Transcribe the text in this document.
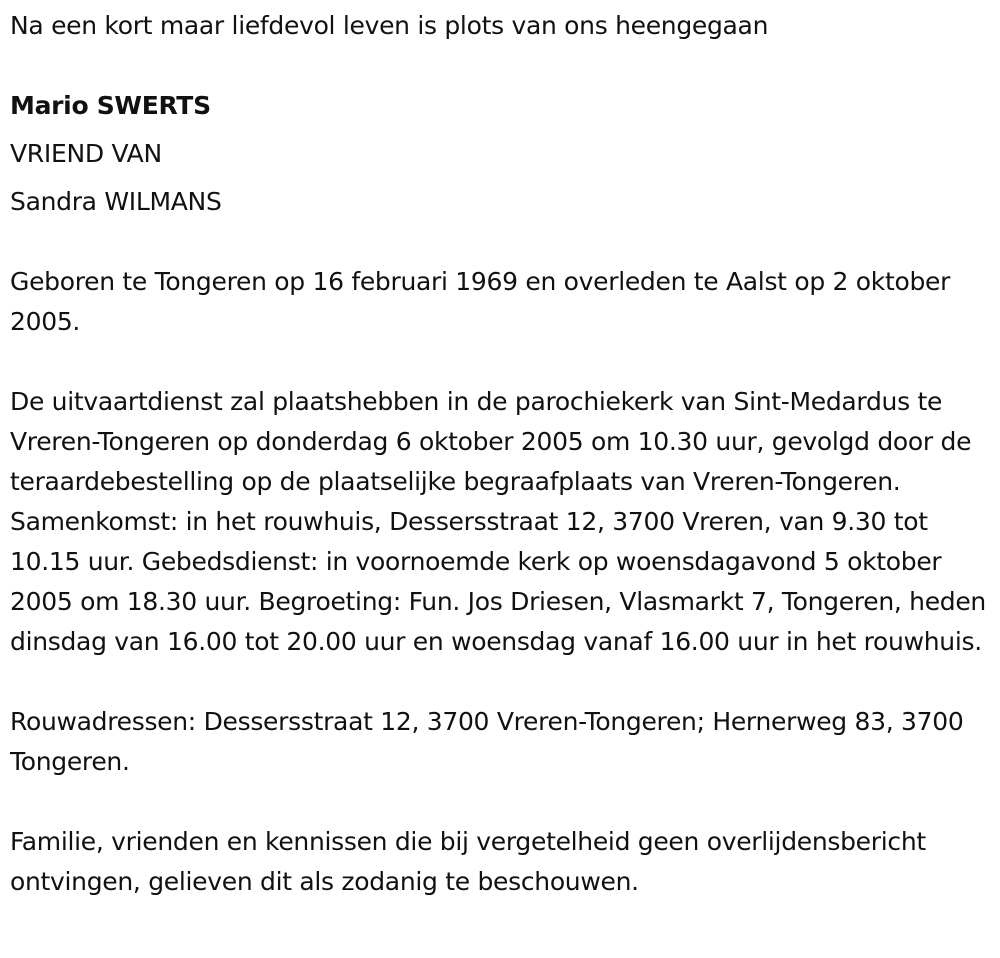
Na een kort maar liefdevol leven is plots van ons heengegaan

Mario SWERTS

VRIEND VAN

Sandra WILMANS

Geboren te Tongeren op 16 februari 1969 en overleden te Aalst op 2 oktober 2005.

De uitvaartdienst zal plaatshebben in de parochiekerk van Sint-Medardus te Vreren-Tongeren op donderdag 6 oktober 2005 om 10.30 uur, gevolgd door de teraardebestelling op de plaatselijke begraafplaats van Vreren-Tongeren. Samenkomst: in het rouwhuis, Dessersstraat 12, 3700 Vreren, van 9.30 tot 10.15 uur. Gebedsdienst: in voornoemde kerk op woensdagavond 5 oktober 2005 om 18.30 uur. Begroeting: Fun. Jos Driesen, Vlasmarkt 7, Tongeren, heden dinsdag van 16.00 tot 20.00 uur en woensdag vanaf 16.00 uur in het rouwhuis.

Rouwadressen: Dessersstraat 12, 3700 Vreren-Tongeren; Hernerweg 83, 3700 Tongeren.

Familie, vrienden en kennissen die bij vergetelheid geen overlijdensbericht ontvingen, gelieven dit als zodanig te beschouwen.
